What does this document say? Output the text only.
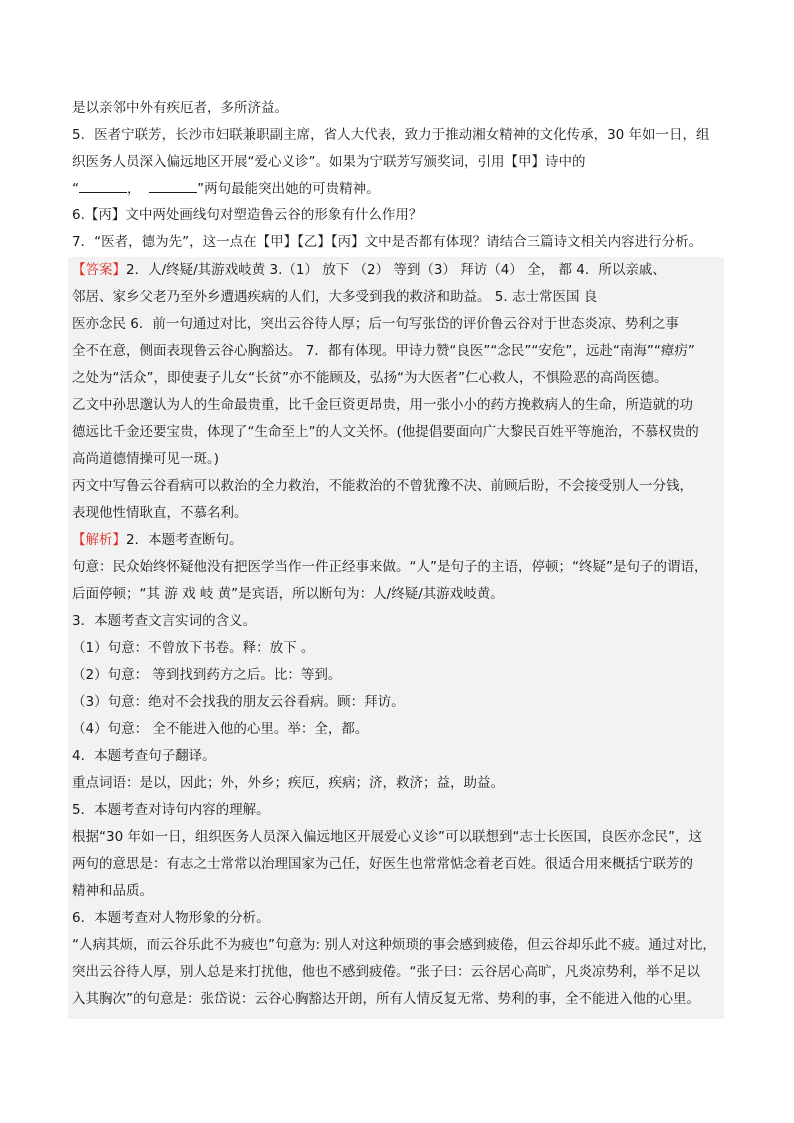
是以亲邻中外有疾厄者，多所济益。
5．医者宁联芳，长沙市妇联兼职副主席，省人大代表，致力于推动湘女精神的文化传承，30 年如一日，组
织医务人员深入偏远地区开展“爱心义诊”。如果为宁联芳写颁奖词，引用【甲】诗中的
“	，	”两句最能突出她的可贵精神。
6.【丙】文中两处画线句对塑造鲁云谷的形象有什么作用？
7．“医者，德为先”，这一点在【甲】【乙】【丙】文中是否都有体现？请结合三篇诗文相关内容进行分析。
【答案】2．人/终疑/其游戏岐黄 3.（1） 放下 （2） 等到（3） 拜访（4） 全， 都 4．所以亲戚、
邻居、家乡父老乃至外乡遭遇疾病的人们，大多受到我的救济和助益。 5. 志士常医国 良
医亦念民 6．前一句通过对比，突出云谷待人厚；后一句写张岱的评价鲁云谷对于世态炎凉、势利之事
全不在意，侧面表现鲁云谷心胸豁达。 7．都有体现。甲诗力赞“良医”“念民”“安危”，远赴“南海”“瘴疠”
之处为“活众”，即使妻子儿女“长贫”亦不能顾及，弘扬“为大医者”仁心救人，不惧险恶的高尚医德。
乙文中孙思邈认为人的生命最贵重，比千金巨资更昂贵，用一张小小的药方挽救病人的生命，所造就的功
德远比千金还要宝贵，体现了“生命至上”的人文关怀。(他提倡要面向广大黎民百姓平等施治，不慕权贵的
高尚道德情操可见一斑。)
丙文中写鲁云谷看病可以救治的全力救治，不能救治的不曾犹豫不决、前顾后盼，不会接受别人一分钱，
表现他性情耿直，不慕名利。
【解析】2．本题考查断句。
句意：民众始终怀疑他没有把医学当作一件正经事来做。“人”是句子的主语，停顿；“终疑”是句子的谓语，
后面停顿；“其 游 戏 岐 黄”是宾语，所以断句为：人/终疑/其游戏岐黄。
3．本题考查文言实词的含义。
（1）句意：不曾放下书卷。释：放下 。
（2）句意： 等到找到药方之后。比：等到。
（3）句意：绝对不会找我的朋友云谷看病。顾：拜访。
（4）句意： 全不能进入他的心里。举：全，都。
4．本题考查句子翻译。
重点词语：是以，因此；外，外乡；疾厄，疾病；济，救济；益，助益。
5．本题考查对诗句内容的理解。
根据“30 年如一日，组织医务人员深入偏远地区开展爱心义诊”可以联想到“志士长医国，良医亦念民”，这
两句的意思是：有志之士常常以治理国家为己任，好医生也常常惦念着老百姓。很适合用来概括宁联芳的
精神和品质。
6．本题考查对人物形象的分析。
“人病其烦，而云谷乐此不为疲也”句意为: 别人对这种烦琐的事会感到疲倦，但云谷却乐此不疲。通过对比，
突出云谷待人厚，别人总是来打扰他，他也不感到疲倦。“张子曰：云谷居心高旷，凡炎凉势利，举不足以
入其胸次”的句意是：张岱说：云谷心胸豁达开朗，所有人情反复无常、势利的事，全不能进入他的心里。
